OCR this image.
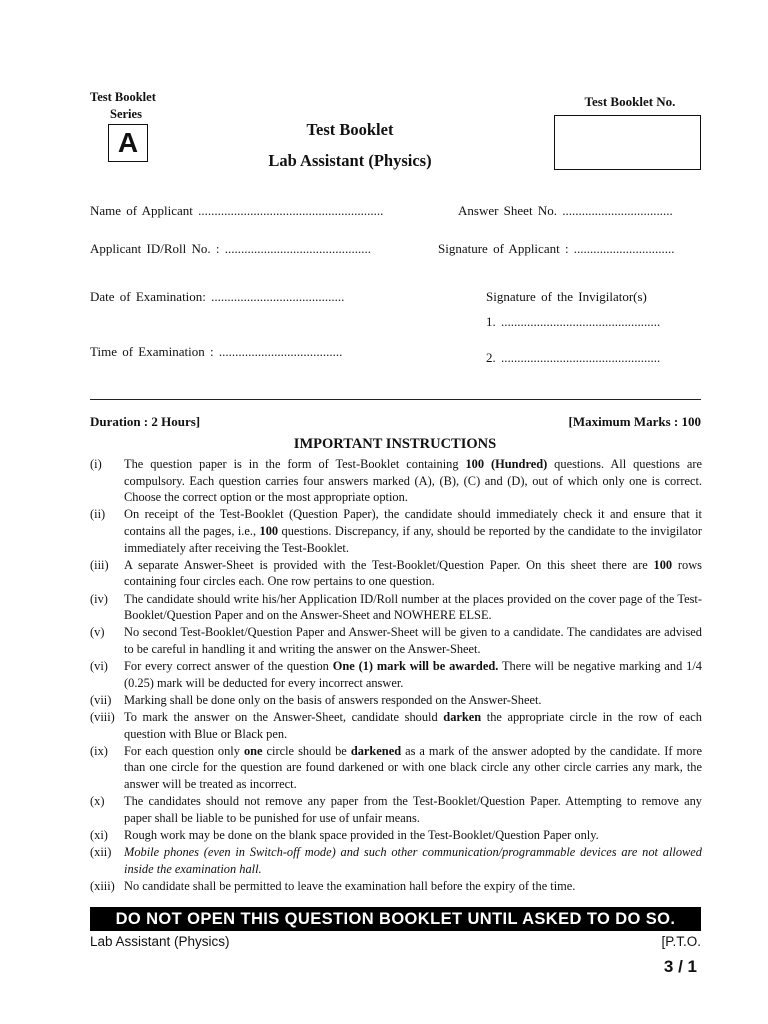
Test Booklet
Series
A	Test Booklet
Lab Assistant (Physics)
Test Booklet No.
Name of Applicant .........................................................	Answer Sheet No. ..................................
Applicant ID/Roll No. : .............................................	Signature of Applicant : ...............................
Date of Examination: .........................................	Signature of the Invigilator(s)
1. .................................................
Time of Examination : ......................................	2. .................................................
Duration : 2 Hours]	[Maximum Marks : 100
IMPORTANT INSTRUCTIONS
(i)	The question paper is in the form of Test-Booklet containing 100 (Hundred) questions. All questions are compulsory. Each question carries four answers marked (A), (B), (C) and (D), out of which only one is correct. Choose the correct option or the most appropriate option.
(ii)	On receipt of the Test-Booklet (Question Paper), the candidate should immediately check it and ensure that it contains all the pages, i.e., 100 questions. Discrepancy, if any, should be reported by the candidate to the invigilator immediately after receiving the Test-Booklet.
(iii)	A separate Answer-Sheet is provided with the Test-Booklet/Question Paper. On this sheet there are 100 rows containing four circles each. One row pertains to one question.
(iv)	The candidate should write his/her Application ID/Roll number at the places provided on the cover page of the Test-Booklet/Question Paper and on the Answer-Sheet and NOWHERE ELSE.
(v)	No second Test-Booklet/Question Paper and Answer-Sheet will be given to a candidate. The candidates are advised to be careful in handling it and writing the answer on the Answer-Sheet.
(vi)	For every correct answer of the question One (1) mark will be awarded. There will be negative marking and 1/4 (0.25) mark will be deducted for every incorrect answer.
(vii)	Marking shall be done only on the basis of answers responded on the Answer-Sheet.
(viii) To mark the answer on the Answer-Sheet, candidate should darken the appropriate circle in the row of each question with Blue or Black pen.
(ix)	For each question only one circle should be darkened as a mark of the answer adopted by the candidate. If more than one circle for the question are found darkened or with one black circle any other circle carries any mark, the answer will be treated as incorrect.
(x)	The candidates should not remove any paper from the Test-Booklet/Question Paper. Attempting to remove any paper shall be liable to be punished for use of unfair means.
(xi)	Rough work may be done on the blank space provided in the Test-Booklet/Question Paper only.
(xii)	Mobile phones (even in Switch-off mode) and such other communication/programmable devices are not allowed inside the examination hall.
(xiii) No candidate shall be permitted to leave the examination hall before the expiry of the time.
DO NOT OPEN THIS QUESTION BOOKLET UNTIL ASKED TO DO SO.
Lab Assistant (Physics)	[P.T.O.
3 / 1
